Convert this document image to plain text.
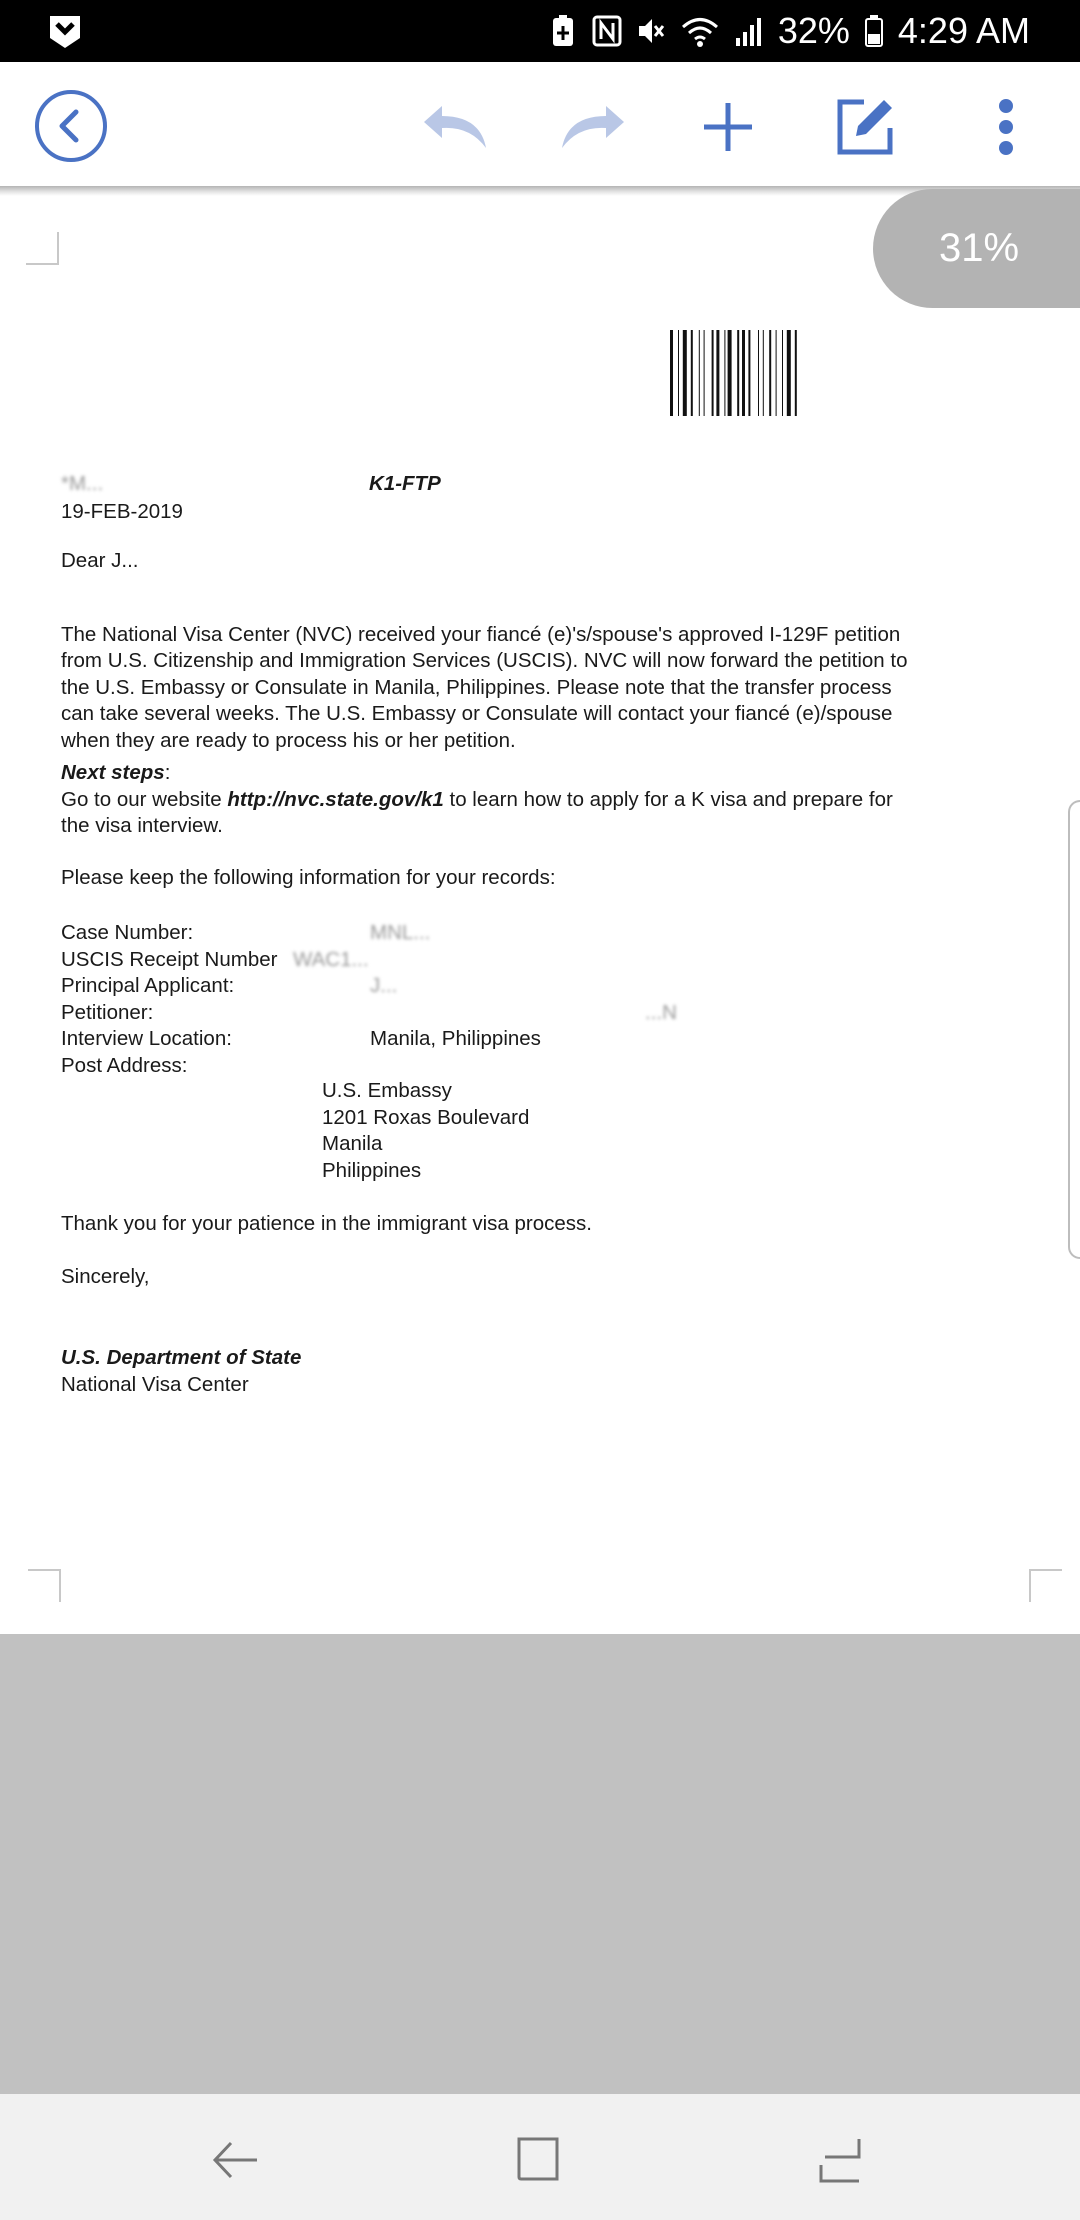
32% 4:29 AM
31%
K1-FTP
*M...
19-FEB-2019
Dear J...

The National Visa Center (NVC) received your fiancé (e)'s/spouse's approved I-129F petition from U.S. Citizenship and Immigration Services (USCIS). NVC will now forward the petition to the U.S. Embassy or Consulate in Manila, Philippines. Please note that the transfer process can take several weeks. The U.S. Embassy or Consulate will contact your fiancé (e)/spouse when they are ready to process his or her petition.

Next steps:
Go to our website http://nvc.state.gov/k1 to learn how to apply for a K visa and prepare for the visa interview.
Please keep the following information for your records:
Case Number:	MNL...
USCIS Receipt Number WAC1...
Principal Applicant:	J...
Petitioner:	...N
Interview Location:	Manila, Philippines
Post Address:
U.S. Embassy
1201 Roxas Boulevard
Manila
Philippines
Thank you for your patience in the immigrant visa process.
Sincerely,
U.S. Department of State
National Visa Center
